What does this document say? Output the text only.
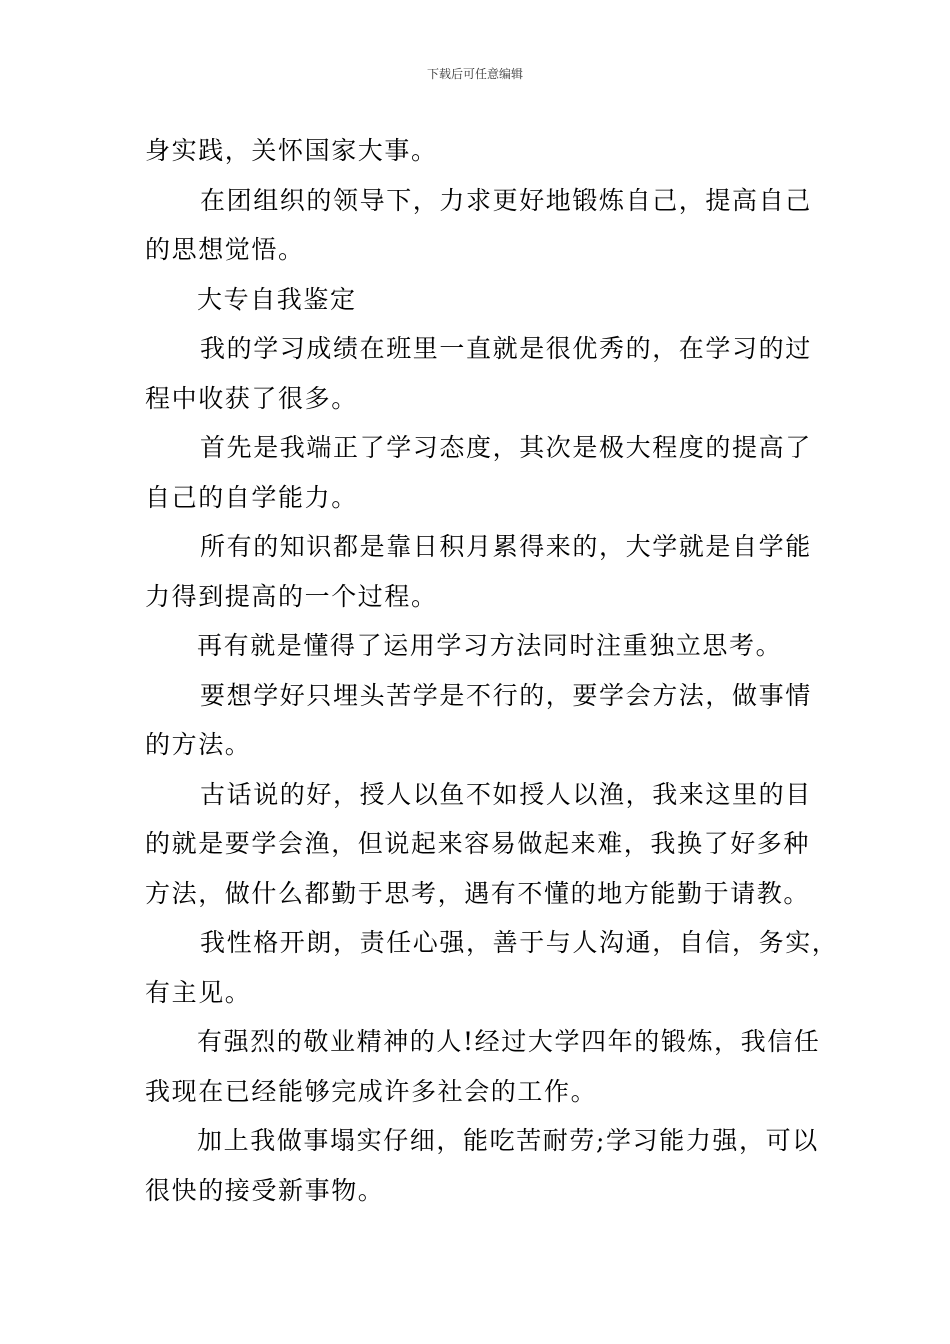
下载后可任意编辑

身实践，关怀国家大事。

在团组织的领导下，力求更好地锻炼自己，提高自己

的思想觉悟。

大专自我鉴定

我的学习成绩在班里一直就是很优秀的，在学习的过

程中收获了很多。

首先是我端正了学习态度，其次是极大程度的提高了

自己的自学能力。

所有的知识都是靠日积月累得来的，大学就是自学能

力得到提高的一个过程。

再有就是懂得了运用学习方法同时注重独立思考。

要想学好只埋头苦学是不行的，要学会方法，做事情

的方法。

古话说的好，授人以鱼不如授人以渔，我来这里的目

的就是要学会渔，但说起来容易做起来难，我换了好多种

方法，做什么都勤于思考，遇有不懂的地方能勤于请教。

我性格开朗，责任心强，善于与人沟通，自信，务实，

有主见。

有强烈的敬业精神的人!经过大学四年的锻炼，我信任

我现在已经能够完成许多社会的工作。

加上我做事塌实仔细，能吃苦耐劳;学习能力强，可以

很快的接受新事物。
